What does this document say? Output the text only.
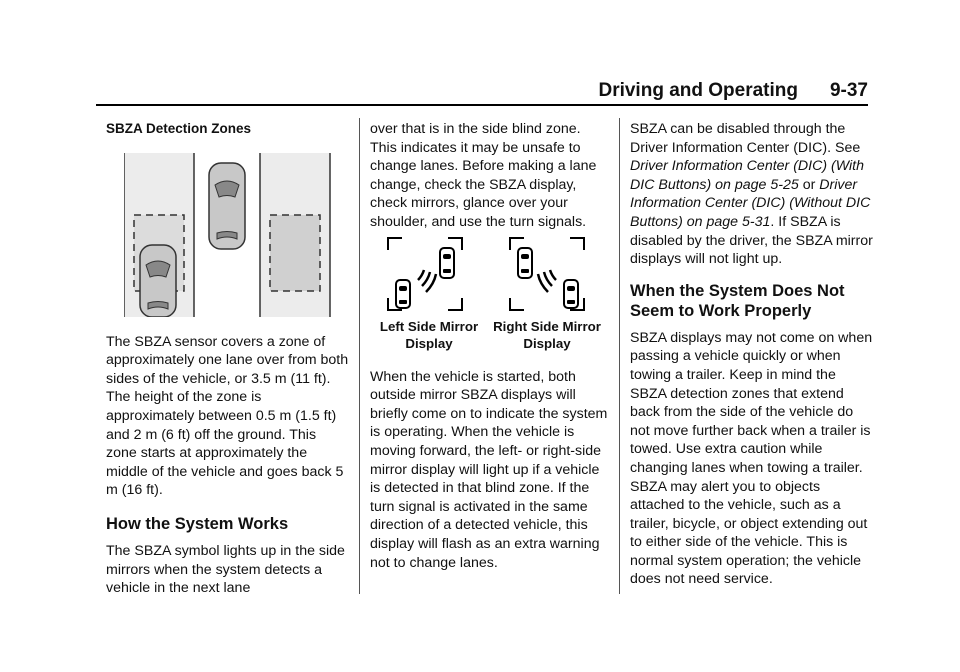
Driving and Operating 9-37

SBZA Detection Zones

The SBZA sensor covers a zone of approximately one lane over from both sides of the vehicle, or 3.5 m (11 ft). The height of the zone is approximately between 0.5 m (1.5 ft) and 2 m (6 ft) off the ground. This zone starts at approximately the middle of the vehicle and goes back 5 m (16 ft).

How the System Works

The SBZA symbol lights up in the side mirrors when the system detects a vehicle in the next lane

over that is in the side blind zone. This indicates it may be unsafe to change lanes. Before making a lane change, check the SBZA display, check mirrors, glance over your shoulder, and use the turn signals.

Left Side Mirror Display
Right Side Mirror Display

When the vehicle is started, both outside mirror SBZA displays will briefly come on to indicate the system is operating. When the vehicle is moving forward, the left- or right-side mirror display will light up if a vehicle is detected in that blind zone. If the turn signal is activated in the same direction of a detected vehicle, this display will flash as an extra warning not to change lanes.

SBZA can be disabled through the Driver Information Center (DIC). See Driver Information Center (DIC) (With DIC Buttons) on page 5-25 or Driver Information Center (DIC) (Without DIC Buttons) on page 5-31. If SBZA is disabled by the driver, the SBZA mirror displays will not light up.

When the System Does Not Seem to Work Properly

SBZA displays may not come on when passing a vehicle quickly or when towing a trailer. Keep in mind the SBZA detection zones that extend back from the side of the vehicle do not move further back when a trailer is towed. Use extra caution while changing lanes when towing a trailer. SBZA may alert you to objects attached to the vehicle, such as a trailer, bicycle, or object extending out to either side of the vehicle. This is normal system operation; the vehicle does not need service.
